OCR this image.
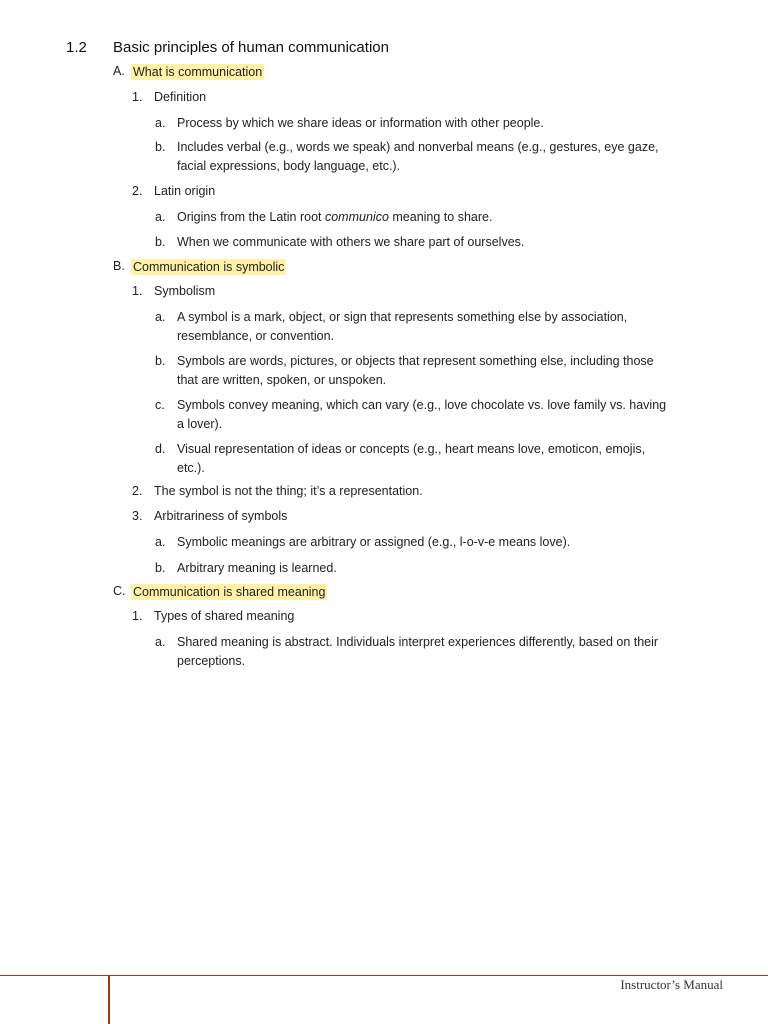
1.2 Basic principles of human communication
A. What is communication
1. Definition
a. Process by which we share ideas or information with other people.
b. Includes verbal (e.g., words we speak) and nonverbal means (e.g., gestures, eye gaze,
facial expressions, body language, etc.).
2. Latin origin
a. Origins from the Latin root communico meaning to share.
b. When we communicate with others we share part of ourselves.
B. Communication is symbolic
1. Symbolism
a. A symbol is a mark, object, or sign that represents something else by association,
resemblance, or convention.
b. Symbols are words, pictures, or objects that represent something else, including those
that are written, spoken, or unspoken.
c. Symbols convey meaning, which can vary (e.g., love chocolate vs. love family vs. having
a lover).
d. Visual representation of ideas or concepts (e.g., heart means love, emoticon, emojis,
etc.).
2. The symbol is not the thing; it’s a representation.
3. Arbitrariness of symbols
a. Symbolic meanings are arbitrary or assigned (e.g., l-o-v-e means love).
b. Arbitrary meaning is learned.
C. Communication is shared meaning
1. Types of shared meaning
a. Shared meaning is abstract. Individuals interpret experiences differently, based on their
perceptions.
Instructor’s Manual
